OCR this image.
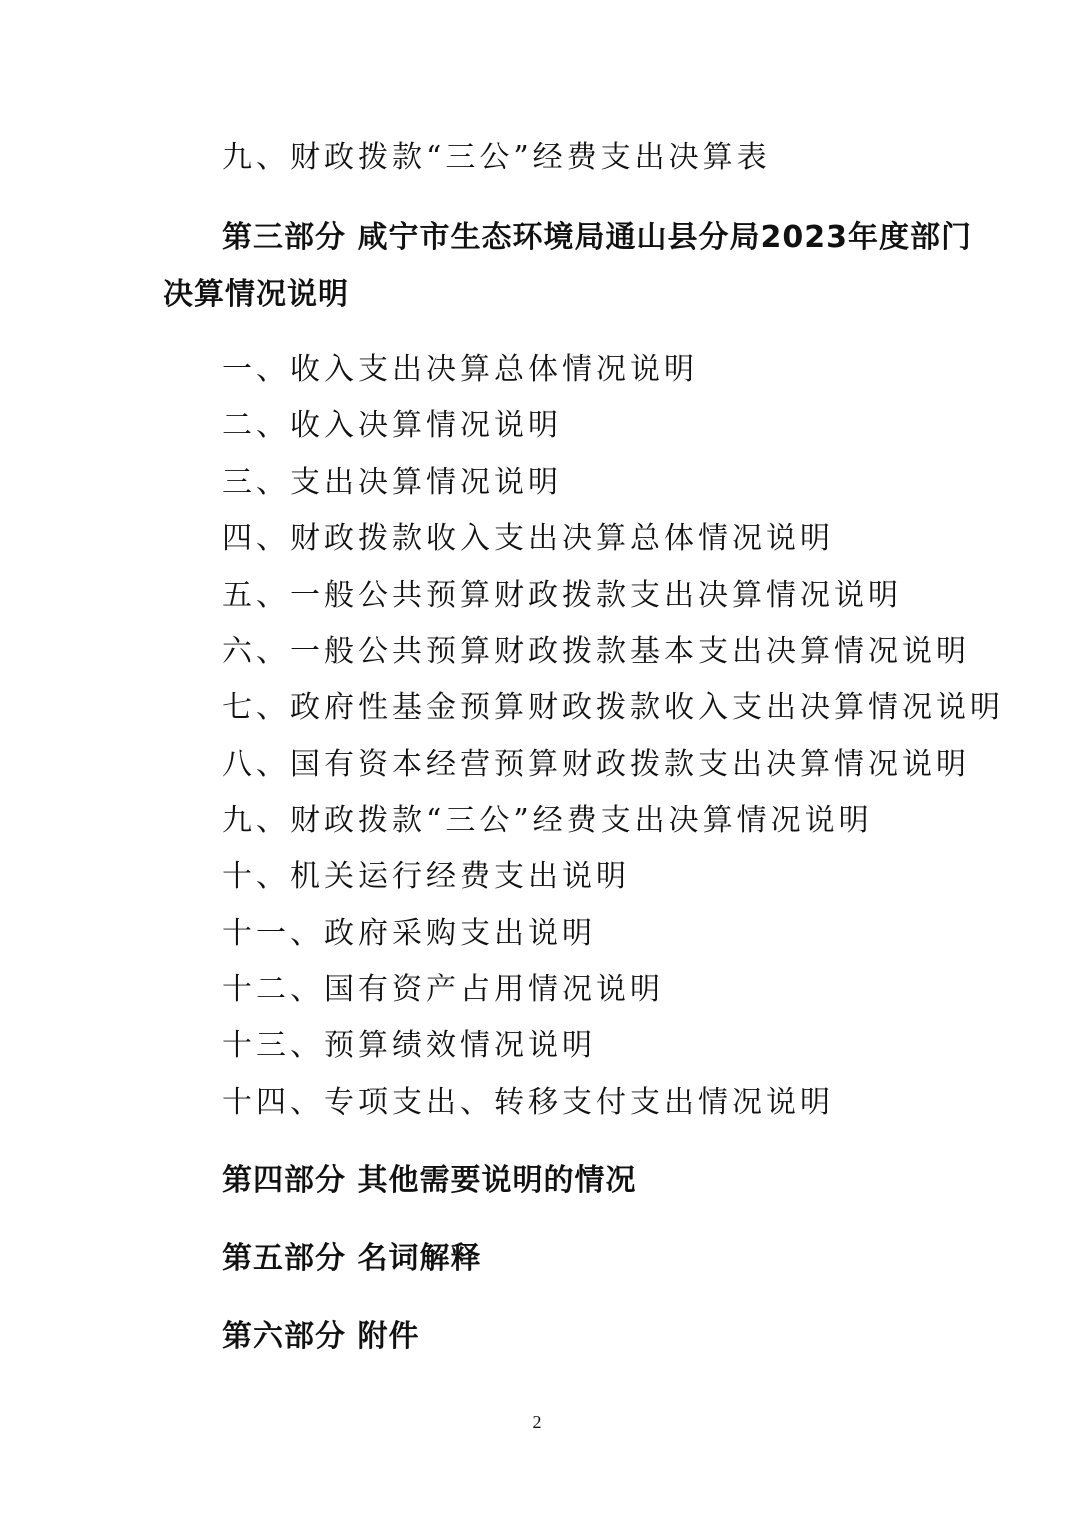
九、财政拨款“三公”经费支出决算表
第三部分 咸宁市生态环境局通山县分局2023年度部门
决算情况说明
一、收入支出决算总体情况说明
二、收入决算情况说明
三、支出决算情况说明
四、财政拨款收入支出决算总体情况说明
五、一般公共预算财政拨款支出决算情况说明
六、一般公共预算财政拨款基本支出决算情况说明
七、政府性基金预算财政拨款收入支出决算情况说明
八、国有资本经营预算财政拨款支出决算情况说明
九、财政拨款“三公”经费支出决算情况说明
十、机关运行经费支出说明
十一、政府采购支出说明
十二、国有资产占用情况说明
十三、预算绩效情况说明
十四、专项支出、转移支付支出情况说明
第四部分 其他需要说明的情况
第五部分 名词解释
第六部分 附件
2
